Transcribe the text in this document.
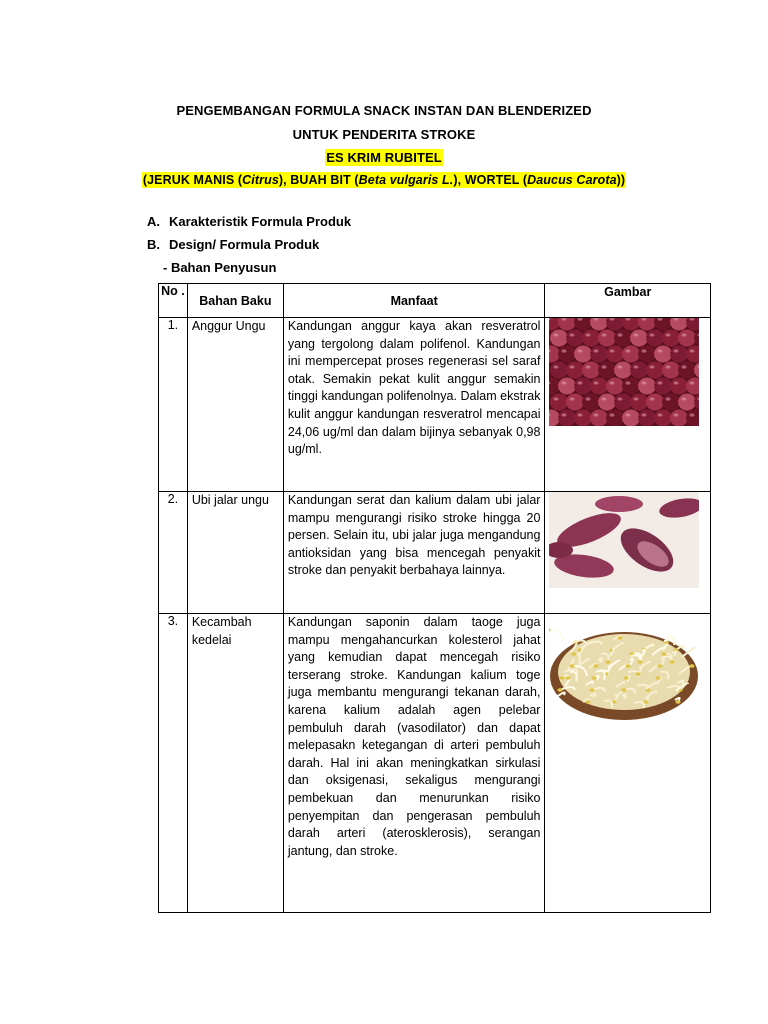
PENGEMBANGAN FORMULA SNACK INSTAN DAN BLENDERIZED
UNTUK PENDERITA STROKE
ES KRIM RUBITEL
(JERUK MANIS (Citrus), BUAH BIT (Beta vulgaris L.), WORTEL (Daucus Carota))
A. Karakteristik Formula Produk
B. Design/ Formula Produk
- Bahan Penyusun
No .	Bahan Baku	Manfaat	Gambar
1.	Anggur Ungu	Kandungan anggur kaya akan resveratrol yang tergolong dalam polifenol. Kandungan ini mempercepat proses regenerasi sel saraf otak. Semakin pekat kulit anggur semakin tinggi kandungan polifenolnya. Dalam ekstrak kulit anggur kandungan resveratrol mencapai 24,06 ug/ml dan dalam bijinya sebanyak 0,98 ug/ml.	

2.	Ubi jalar ungu	Kandungan serat dan kalium dalam ubi jalar mampu mengurangi risiko stroke hingga 20 persen. Selain itu, ubi jalar juga mengandung antioksidan yang bisa mencegah penyakit stroke dan penyakit berbahaya lainnya.	

3.	Kecambah kedelai	Kandungan saponin dalam taoge juga mampu mengahancurkan kolesterol jahat yang kemudian dapat mencegah risiko terserang stroke. Kandungan kalium toge juga membantu mengurangi tekanan darah, karena kalium adalah agen pelebar pembuluh darah (vasodilator) dan dapat melepasakn ketegangan di arteri pembuluh darah. Hal ini akan meningkatkan sirkulasi dan oksigenasi, sekaligus mengurangi pembekuan dan menurunkan risiko penyempitan dan pengerasan pembuluh darah arteri (aterosklerosis), serangan jantung, dan stroke.	
